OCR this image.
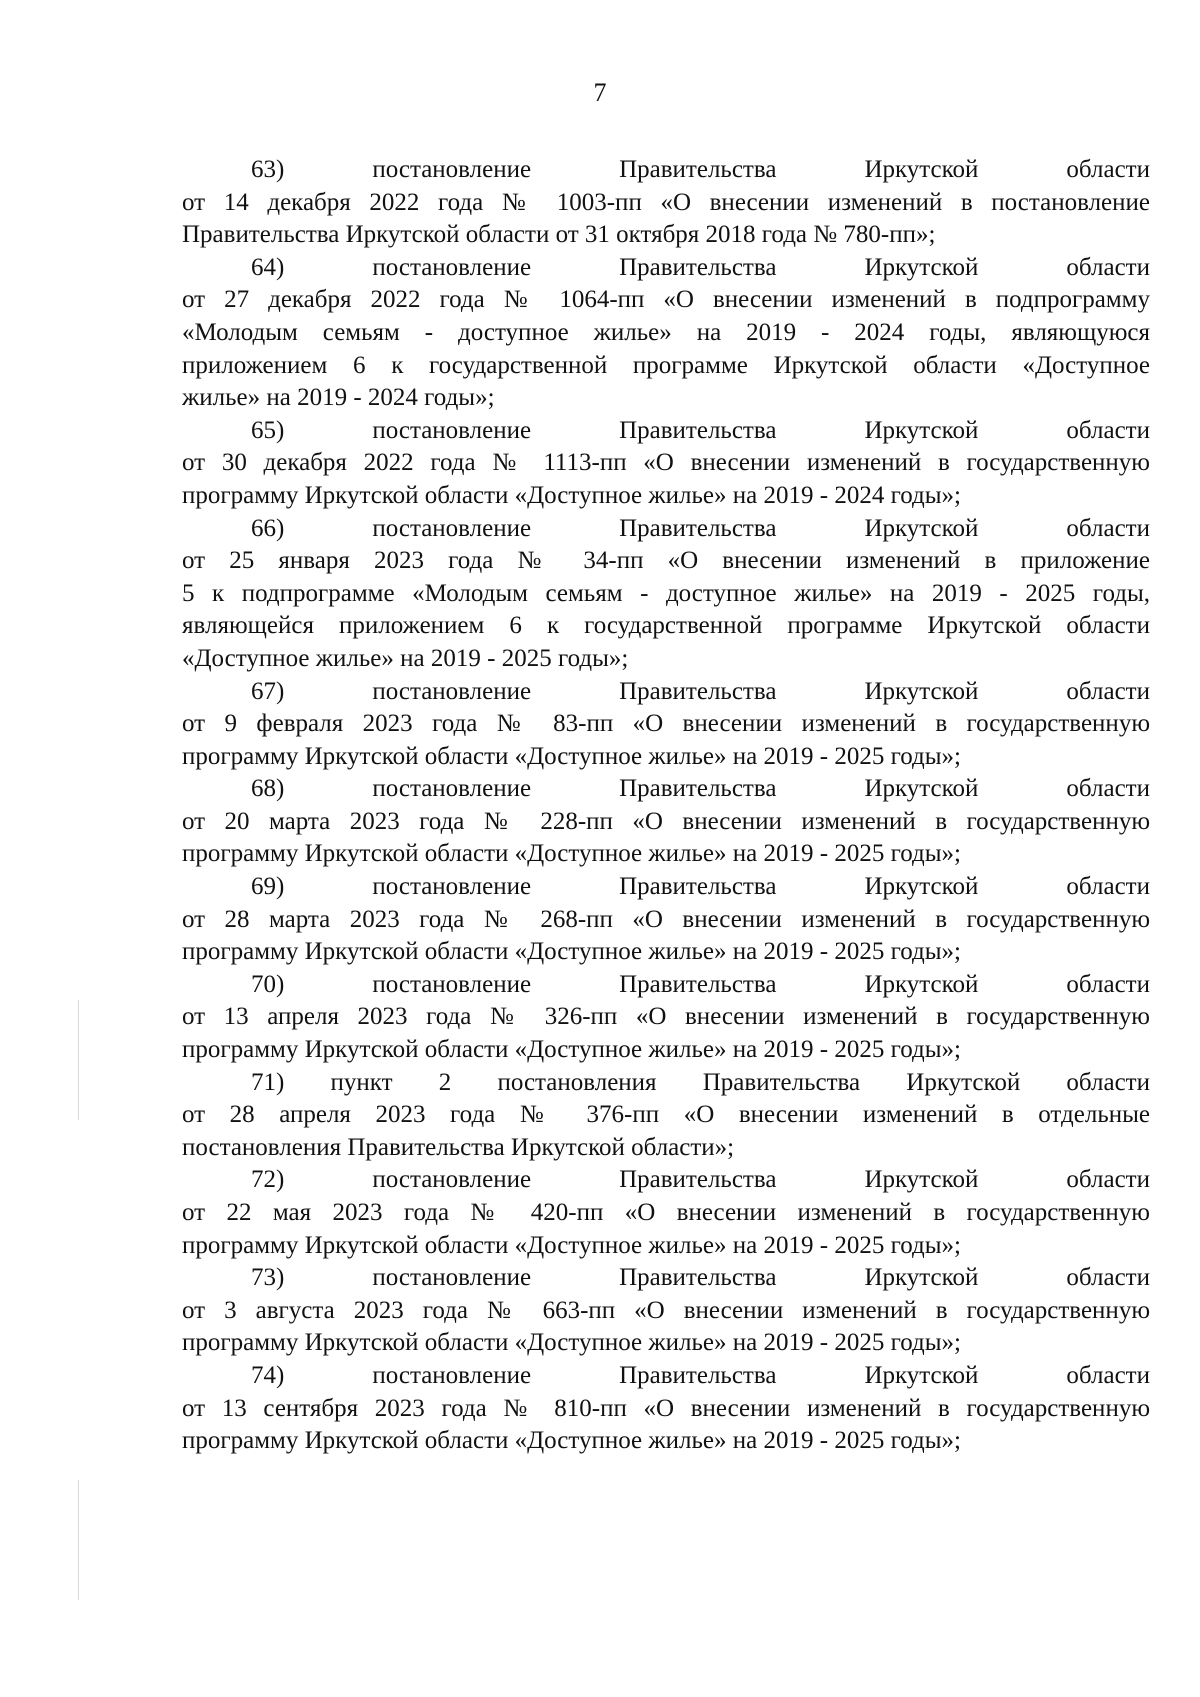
7
63) постановление Правительства Иркутской области
от 14 декабря 2022 года № 1003-пп «О внесении изменений в постановление
Правительства Иркутской области от 31 октября 2018 года № 780-пп»;
64) постановление Правительства Иркутской области
от 27 декабря 2022 года № 1064-пп «О внесении изменений в подпрограмму
«Молодым семьям - доступное жилье» на 2019 - 2024 годы, являющуюся
приложением 6 к государственной программе Иркутской области «Доступное
жилье» на 2019 - 2024 годы»;
65) постановление Правительства Иркутской области
от 30 декабря 2022 года № 1113-пп «О внесении изменений в государственную
программу Иркутской области «Доступное жилье» на 2019 - 2024 годы»;
66) постановление Правительства Иркутской области
от 25 января 2023 года № 34-пп «О внесении изменений в приложение
5 к подпрограмме «Молодым семьям - доступное жилье» на 2019 - 2025 годы,
являющейся приложением 6 к государственной программе Иркутской области
«Доступное жилье» на 2019 - 2025 годы»;
67) постановление Правительства Иркутской области
от 9 февраля 2023 года № 83-пп «О внесении изменений в государственную
программу Иркутской области «Доступное жилье» на 2019 - 2025 годы»;
68) постановление Правительства Иркутской области
от 20 марта 2023 года № 228-пп «О внесении изменений в государственную
программу Иркутской области «Доступное жилье» на 2019 - 2025 годы»;
69) постановление Правительства Иркутской области
от 28 марта 2023 года № 268-пп «О внесении изменений в государственную
программу Иркутской области «Доступное жилье» на 2019 - 2025 годы»;
70) постановление Правительства Иркутской области
от 13 апреля 2023 года № 326-пп «О внесении изменений в государственную
программу Иркутской области «Доступное жилье» на 2019 - 2025 годы»;
71) пункт 2 постановления Правительства Иркутской области
от 28 апреля 2023 года № 376-пп «О внесении изменений в отдельные
постановления Правительства Иркутской области»;
72) постановление Правительства Иркутской области
от 22 мая 2023 года № 420-пп «О внесении изменений в государственную
программу Иркутской области «Доступное жилье» на 2019 - 2025 годы»;
73) постановление Правительства Иркутской области
от 3 августа 2023 года № 663-пп «О внесении изменений в государственную
программу Иркутской области «Доступное жилье» на 2019 - 2025 годы»;
74) постановление Правительства Иркутской области
от 13 сентября 2023 года № 810-пп «О внесении изменений в государственную
программу Иркутской области «Доступное жилье» на 2019 - 2025 годы»;
